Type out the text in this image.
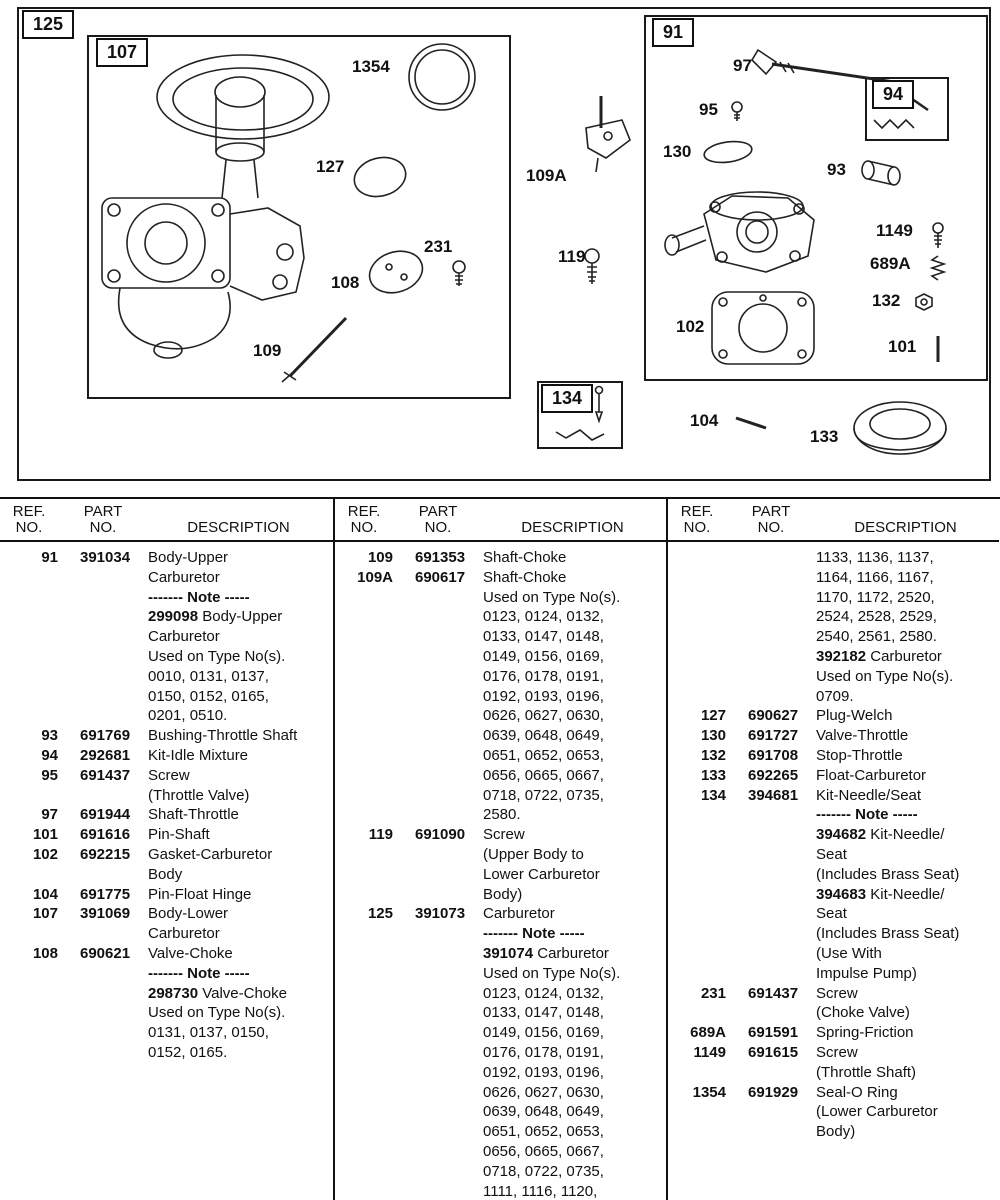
125
107
91
94
134
1354
127
231
108
109
109A
119
97
95
130
93
1149
689A
132
101
102
104
133
REF.
NO.
PART
NO.	DESCRIPTION
91	391034	Body-Upper
Carburetor
------- Note -----
299098 Body-Upper
Carburetor
Used on Type No(s).
0010, 0131, 0137,
0150, 0152, 0165,
0201, 0510.
93	691769	Bushing-Throttle Shaft
94	292681	Kit-Idle Mixture
95	691437	Screw
(Throttle Valve)
97	691944	Shaft-Throttle
101	691616	Pin-Shaft
102	692215	Gasket-Carburetor
Body
104	691775	Pin-Float Hinge
107	391069	Body-Lower
Carburetor
108	690621	Valve-Choke
------- Note -----
298730 Valve-Choke
Used on Type No(s).
0131, 0137, 0150,
0152, 0165.
REF.
NO.
PART
NO.	DESCRIPTION
109	691353	Shaft-Choke
109A	690617	Shaft-Choke
Used on Type No(s).
0123, 0124, 0132,
0133, 0147, 0148,
0149, 0156, 0169,
0176, 0178, 0191,
0192, 0193, 0196,
0626, 0627, 0630,
0639, 0648, 0649,
0651, 0652, 0653,
0656, 0665, 0667,
0718, 0722, 0735,
2580.
119	691090	Screw
(Upper Body to
Lower Carburetor
Body)
125	391073	Carburetor
------- Note -----
391074 Carburetor
Used on Type No(s).
0123, 0124, 0132,
0133, 0147, 0148,
0149, 0156, 0169,
0176, 0178, 0191,
0192, 0193, 0196,
0626, 0627, 0630,
0639, 0648, 0649,
0651, 0652, 0653,
0656, 0665, 0667,
0718, 0722, 0735,
1111, 1116, 1120,
REF.
NO.
PART
NO.	DESCRIPTION
1133, 1136, 1137,
1164, 1166, 1167,
1170, 1172, 2520,
2524, 2528, 2529,
2540, 2561, 2580.
392182 Carburetor
Used on Type No(s).
0709.
127	690627	Plug-Welch
130	691727	Valve-Throttle
132	691708	Stop-Throttle
133	692265	Float-Carburetor
134	394681	Kit-Needle/Seat
------- Note -----
394682 Kit-Needle/
Seat
(Includes Brass Seat)
394683 Kit-Needle/
Seat
(Includes Brass Seat)
(Use With
Impulse Pump)
231	691437	Screw
(Choke Valve)
689A	691591	Spring-Friction
1149	691615	Screw
(Throttle Shaft)
1354	691929	Seal-O Ring
(Lower Carburetor
Body)
